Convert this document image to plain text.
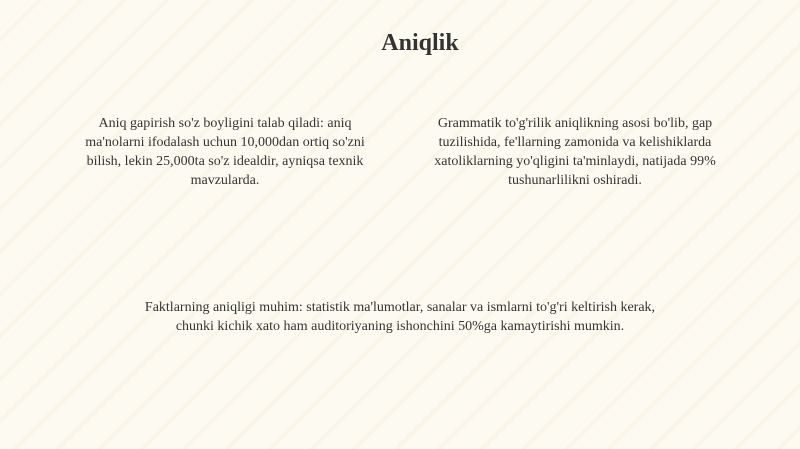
Aniqlik

Aniq gapirish so'z boyligini talab qiladi: aniq ma'nolarni ifodalash uchun 10,000dan ortiq so'zni bilish, lekin 25,000ta so'z idealdir, ayniqsa texnik mavzularda.

Grammatik to'g'rilik aniqlikning asosi bo'lib, gap tuzilishida, fe'llarning zamonida va kelishiklarda xatoliklarning yo'qligini ta'minlaydi, natijada 99% tushunarlilikni oshiradi.

Faktlarning aniqligi muhim: statistik ma'lumotlar, sanalar va ismlarni to'g'ri keltirish kerak, chunki kichik xato ham auditoriyaning ishonchini 50%ga kamaytirishi mumkin.
